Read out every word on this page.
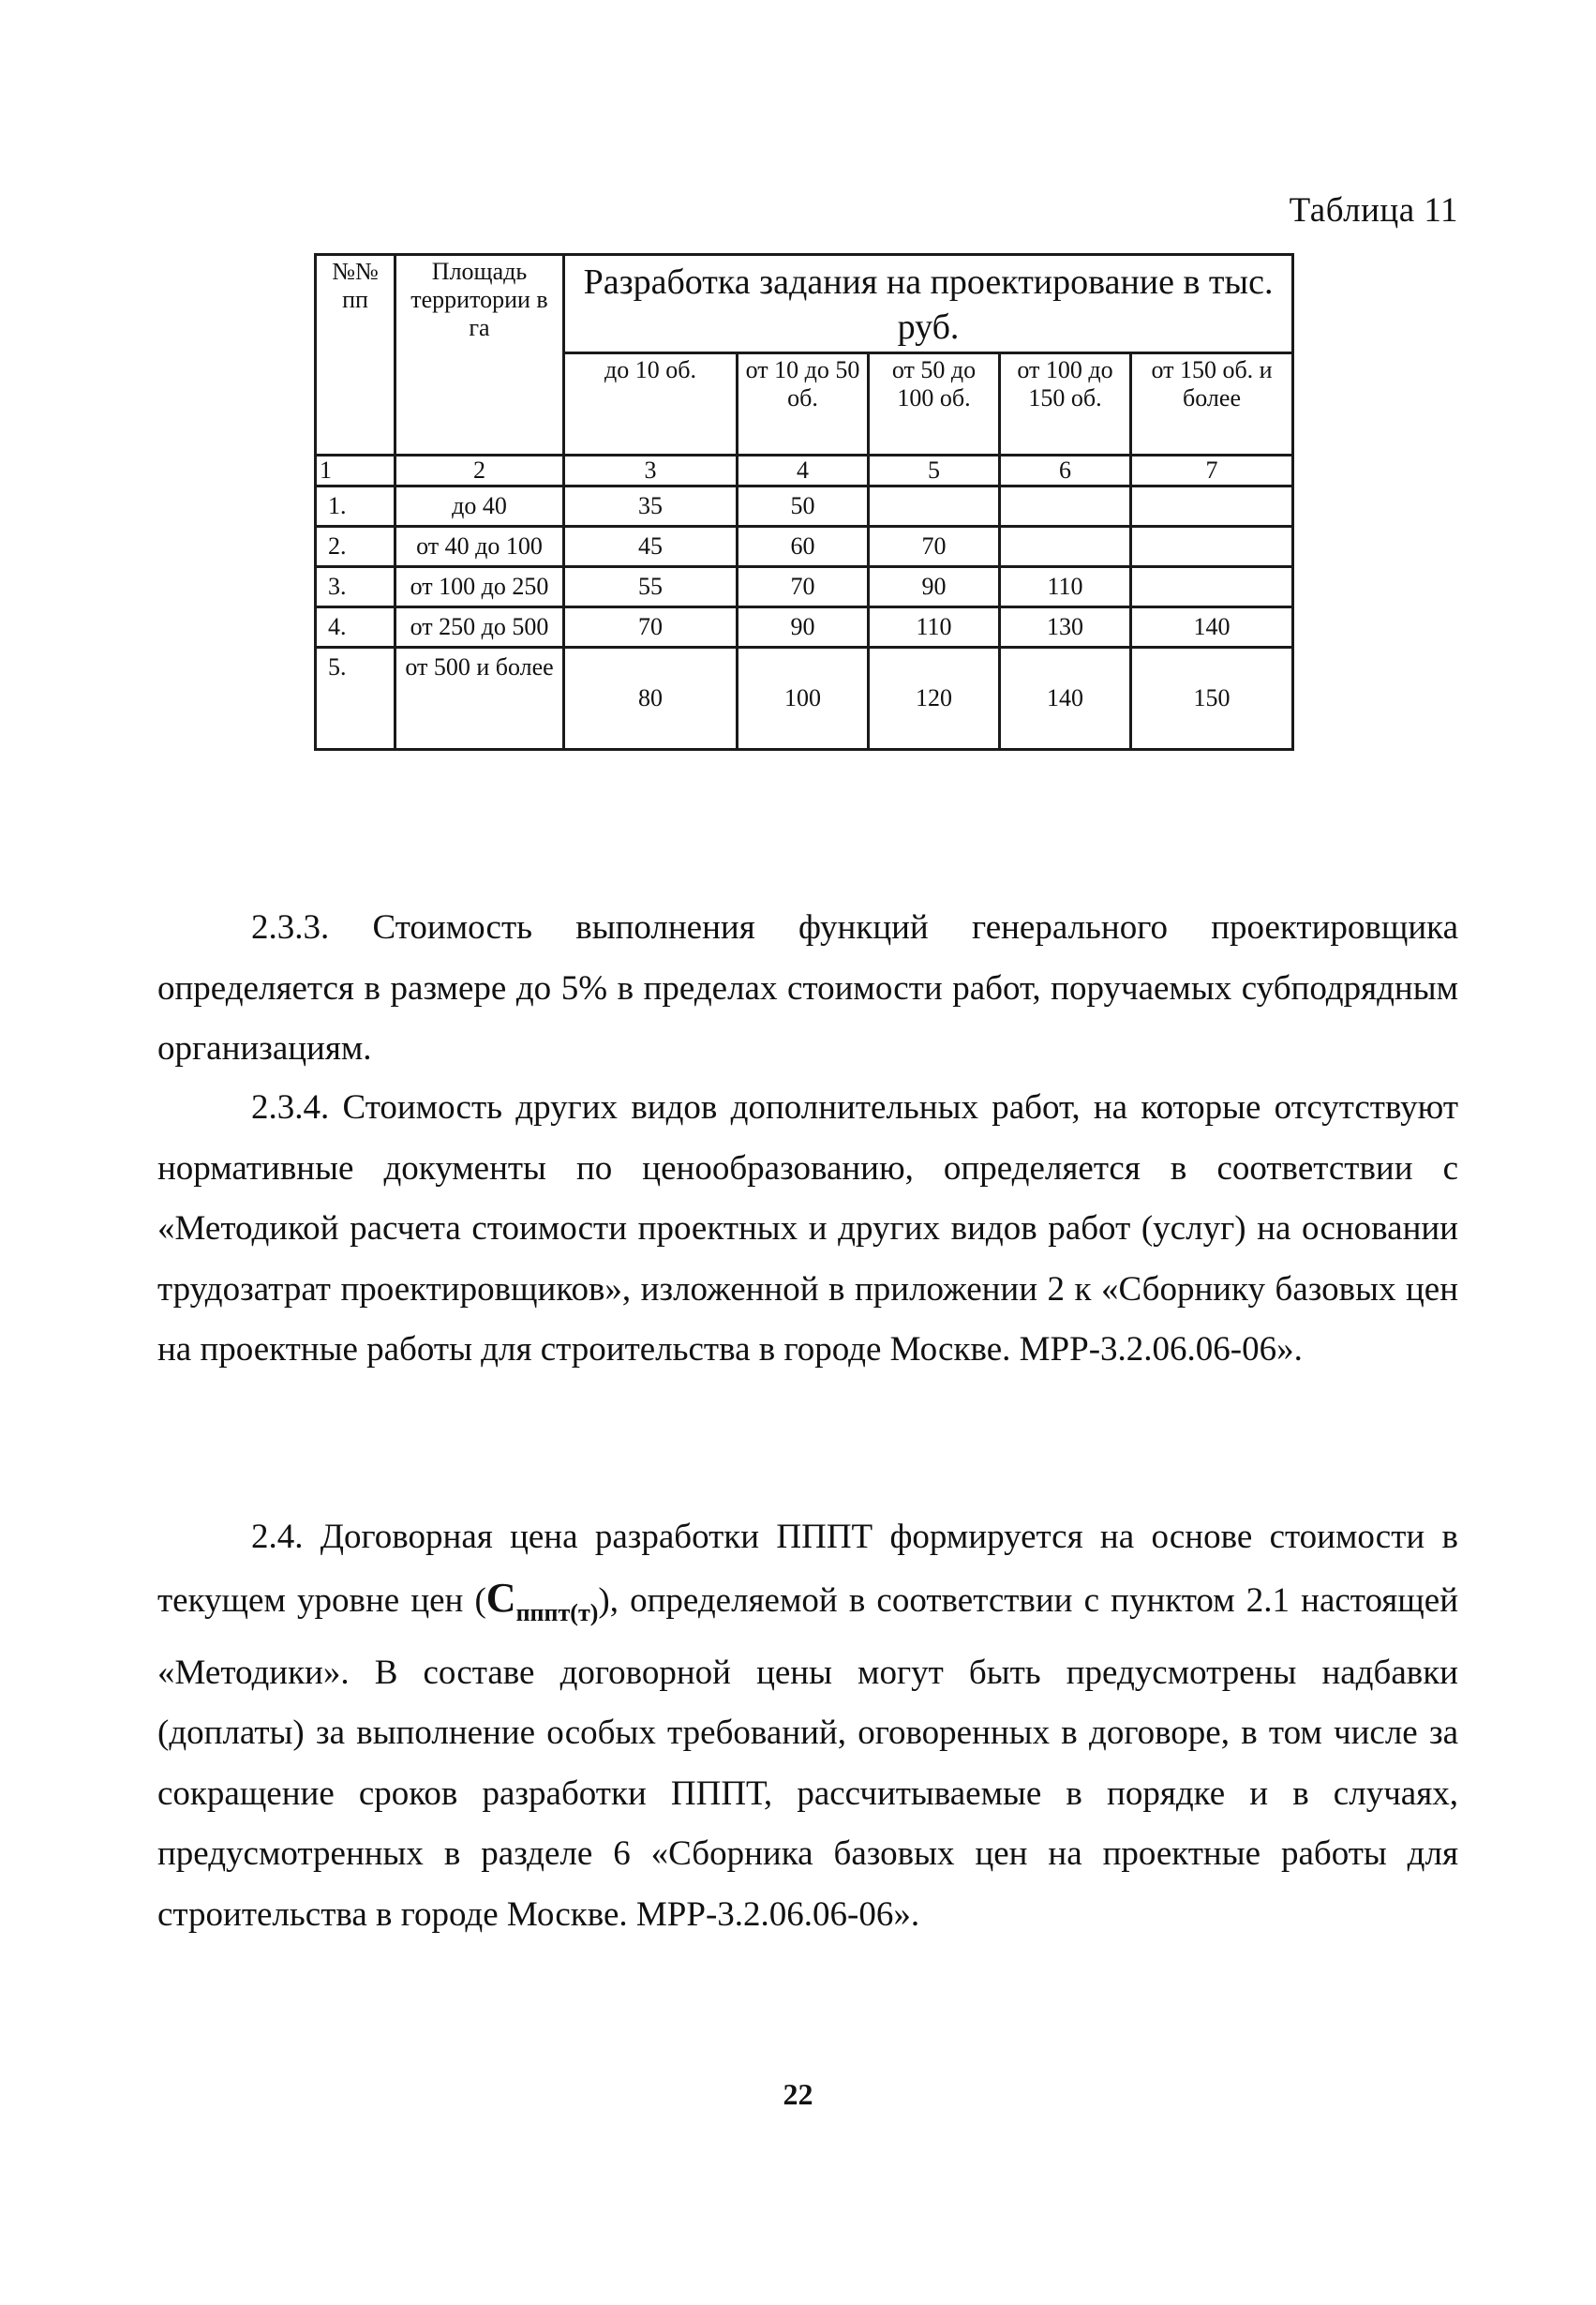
Таблица 11
№№ пп	Площадь территории в га	Разработка задания на проектирование в тыс. руб.				
		до 10 об.	от 10 до 50 об.	от 50 до 100 об.	от 100 до 150 об.	от 150 об. и более
1	2	3	4	5	6	7
1.	до 40	35	50			
2.	от 40 до 100	45	60	70		
3.	от 100 до 250	55	70	90	110	
4.	от 250 до 500	70	90	110	130	140
5.	от 500 и более	80	100	120	140	150

2.3.3. Стоимость выполнения функций генерального проектировщика определяется в размере до 5% в пределах стоимости работ, поручаемых субподрядным организациям.

2.3.4. Стоимость других видов дополнительных работ, на которые отсутствуют нормативные документы по ценообразованию, определяется в соответствии с «Методикой расчета стоимости проектных и других видов работ (услуг) на основании трудозатрат проектировщиков», изложенной в приложении 2 к «Сборнику базовых цен на проектные работы для строительства в городе Москве. МРР-3.2.06.06-06».

2.4. Договорная цена разработки ПППТ формируется на основе стоимости в текущем уровне цен $(C_{пппт(т)})$, определяемой в соответствии с пунктом 2.1 настоящей «Методики». В составе договорной цены могут быть предусмотрены надбавки (доплаты) за выполнение особых требований, оговоренных в договоре, в том числе за сокращение сроков разработки ПППТ, рассчитываемые в порядке и в случаях, предусмотренных в разделе 6 «Сборника базовых цен на проектные работы для строительства в городе Москве. МРР-3.2.06.06-06».

22
